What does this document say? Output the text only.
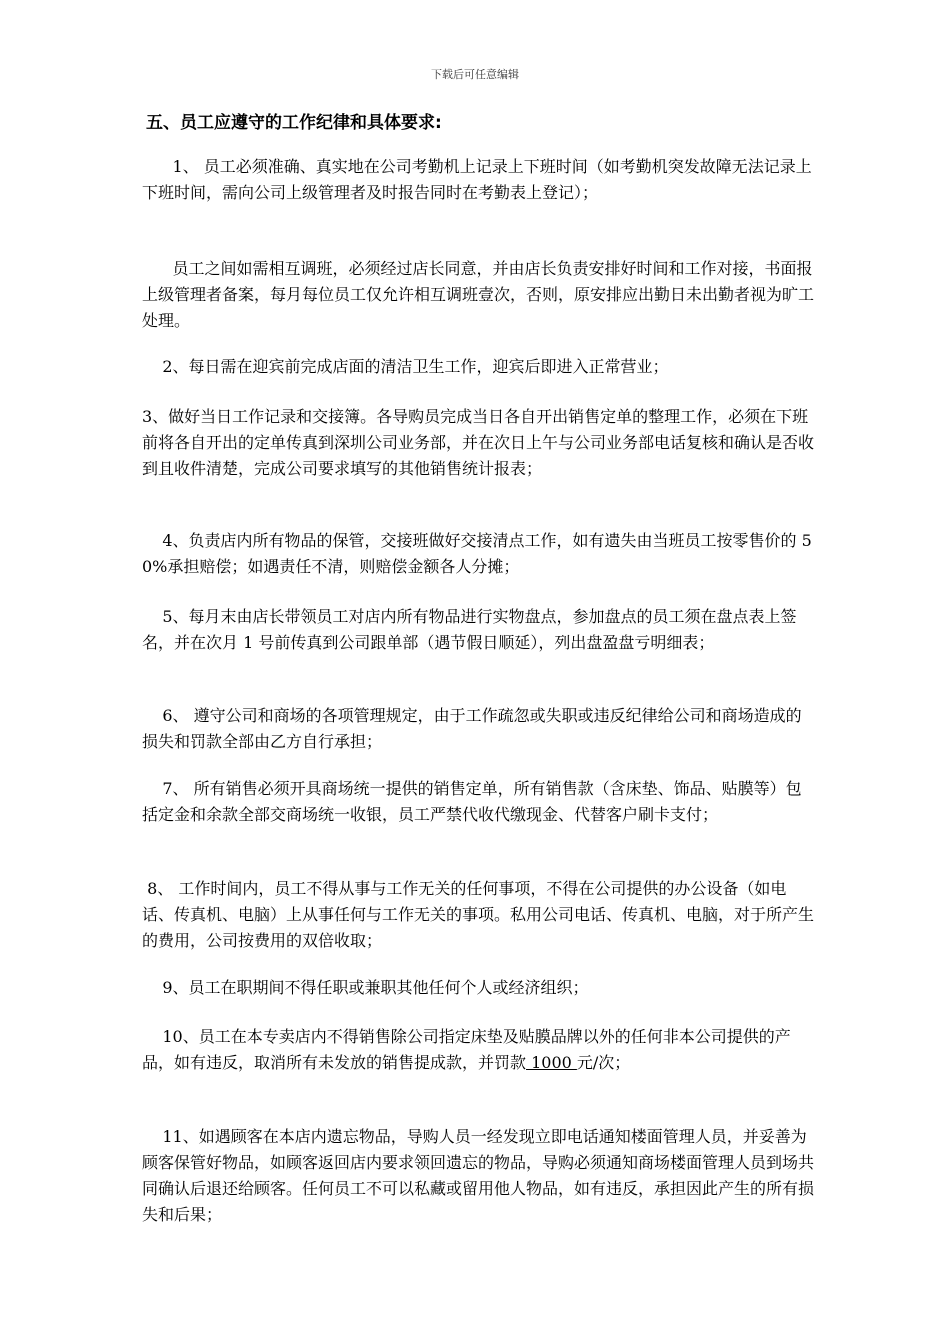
下载后可任意编辑
五、员工应遵守的工作纪律和具体要求:
1、 员工必须准确、真实地在公司考勤机上记录上下班时间（如考勤机突发故障无法记录上下班时间，需向公司上级管理者及时报告同时在考勤表上登记）；
员工之间如需相互调班，必须经过店长同意，并由店长负责安排好时间和工作对接，书面报上级管理者备案，每月每位员工仅允许相互调班壹次，否则，原安排应出勤日未出勤者视为旷工处理。
2、每日需在迎宾前完成店面的清洁卫生工作，迎宾后即进入正常营业；
3、做好当日工作记录和交接簿。各导购员完成当日各自开出销售定单的整理工作，必须在下班前将各自开出的定单传真到深圳公司业务部，并在次日上午与公司业务部电话复核和确认是否收到且收件清楚，完成公司要求填写的其他销售统计报表；
4、负责店内所有物品的保管，交接班做好交接清点工作，如有遗失由当班员工按零售价的 50%承担赔偿；如遇责任不清，则赔偿金额各人分摊；
5、每月末由店长带领员工对店内所有物品进行实物盘点，参加盘点的员工须在盘点表上签名，并在次月 1 号前传真到公司跟单部（遇节假日顺延），列出盘盈盘亏明细表；
6、 遵守公司和商场的各项管理规定，由于工作疏忽或失职或违反纪律给公司和商场造成的损失和罚款全部由乙方自行承担；
7、 所有销售必须开具商场统一提供的销售定单，所有销售款（含床垫、饰品、贴膜等）包括定金和余款全部交商场统一收银，员工严禁代收代缴现金、代替客户刷卡支付；
8、 工作时间内，员工不得从事与工作无关的任何事项，不得在公司提供的办公设备（如电话、传真机、电脑）上从事任何与工作无关的事项。私用公司电话、传真机、电脑，对于所产生的费用，公司按费用的双倍收取；
9、员工在职期间不得任职或兼职其他任何个人或经济组织；
10、员工在本专卖店内不得销售除公司指定床垫及贴膜品牌以外的任何非本公司提供的产品，如有违反，取消所有未发放的销售提成款，并罚款 1000 元/次；
11、如遇顾客在本店内遗忘物品，导购人员一经发现立即电话通知楼面管理人员，并妥善为顾客保管好物品，如顾客返回店内要求领回遗忘的物品，导购必须通知商场楼面管理人员到场共同确认后退还给顾客。任何员工不可以私藏或留用他人物品，如有违反，承担因此产生的所有损失和后果；
